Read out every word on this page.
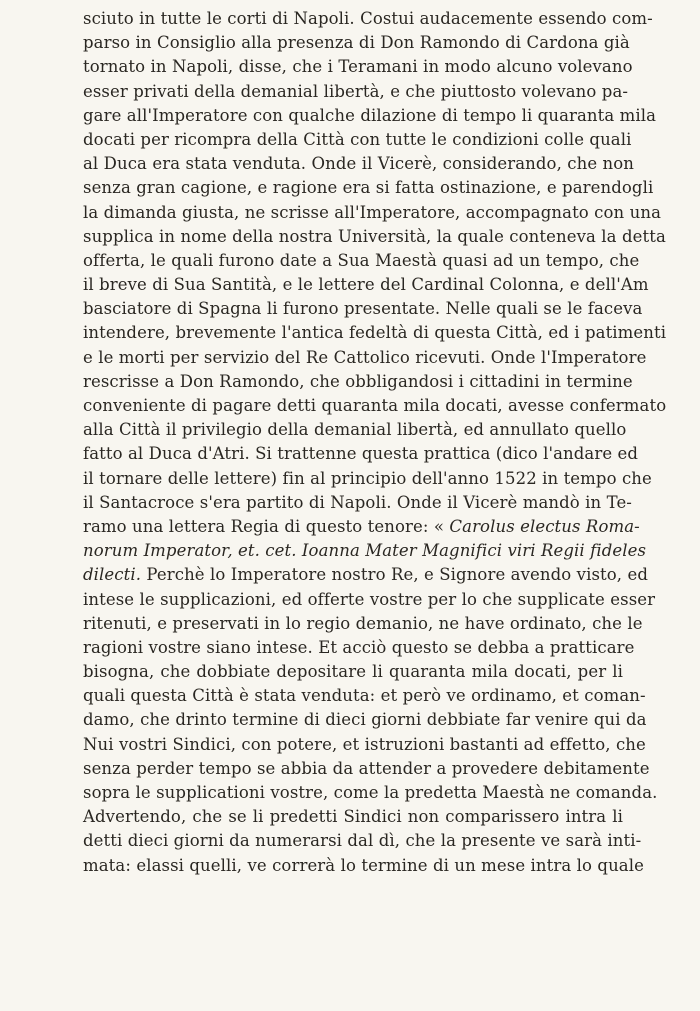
sciuto in tutte le corti di Napoli. Costui audacemente essendo com-
parso in Consiglio alla presenza di Don Ramondo di Cardona già
tornato in Napoli, disse, che i Teramani in modo alcuno volevano
esser privati della demanial libertà, e che piuttosto volevano pa-
gare all'Imperatore con qualche dilazione di tempo li quaranta mila
docati per ricompra della Città con tutte le condizioni colle quali
al Duca era stata venduta. Onde il Vicerè, considerando, che non
senza gran cagione, e ragione era si fatta ostinazione, e parendogli
la dimanda giusta, ne scrisse all'Imperatore, accompagnato con una
supplica in nome della nostra Università, la quale conteneva la detta
offerta, le quali furono date a Sua Maestà quasi ad un tempo, che
il breve di Sua Santità, e le lettere del Cardinal Colonna, e dell'Am
basciatore di Spagna li furono presentate. Nelle quali se le faceva
intendere, brevemente l'antica fedeltà di questa Città, ed i patimenti
e le morti per servizio del Re Cattolico ricevuti. Onde l'Imperatore
rescrisse a Don Ramondo, che obbligandosi i cittadini in termine
conveniente di pagare detti quaranta mila docati, avesse confermato
alla Città il privilegio della demanial libertà, ed annullato quello
fatto al Duca d'Atri. Si trattenne questa prattica (dico l'andare ed
il tornare delle lettere) fin al principio dell'anno 1522 in tempo che
il Santacroce s'era partito di Napoli. Onde il Vicerè mandò in Te-
ramo una lettera Regia di questo tenore: « Carolus electus Roma-
norum Imperator, et. cet. Ioanna Mater Magnifici viri Regii fideles
dilecti. Perchè lo Imperatore nostro Re, e Signore avendo visto, ed
intese le supplicazioni, ed offerte vostre per lo che supplicate esser
ritenuti, e preservati in lo regio demanio, ne have ordinato, che le
ragioni vostre siano intese. Et acciò questo se debba a pratticare
bisogna, che dobbiate depositare li quaranta mila docati, per li
quali questa Città è stata venduta: et però ve ordinamo, et coman-
damo, che drinto termine di dieci giorni debbiate far venire qui da
Nui vostri Sindici, con potere, et istruzioni bastanti ad effetto, che
senza perder tempo se abbia da attender a provedere debitamente
sopra le supplicationi vostre, come la predetta Maestà ne comanda.
Advertendo, che se li predetti Sindici non comparissero intra li
detti dieci giorni da numerarsi dal dì, che la presente ve sarà inti-
mata: elassi quelli, ve correrà lo termine di un mese intra lo quale
